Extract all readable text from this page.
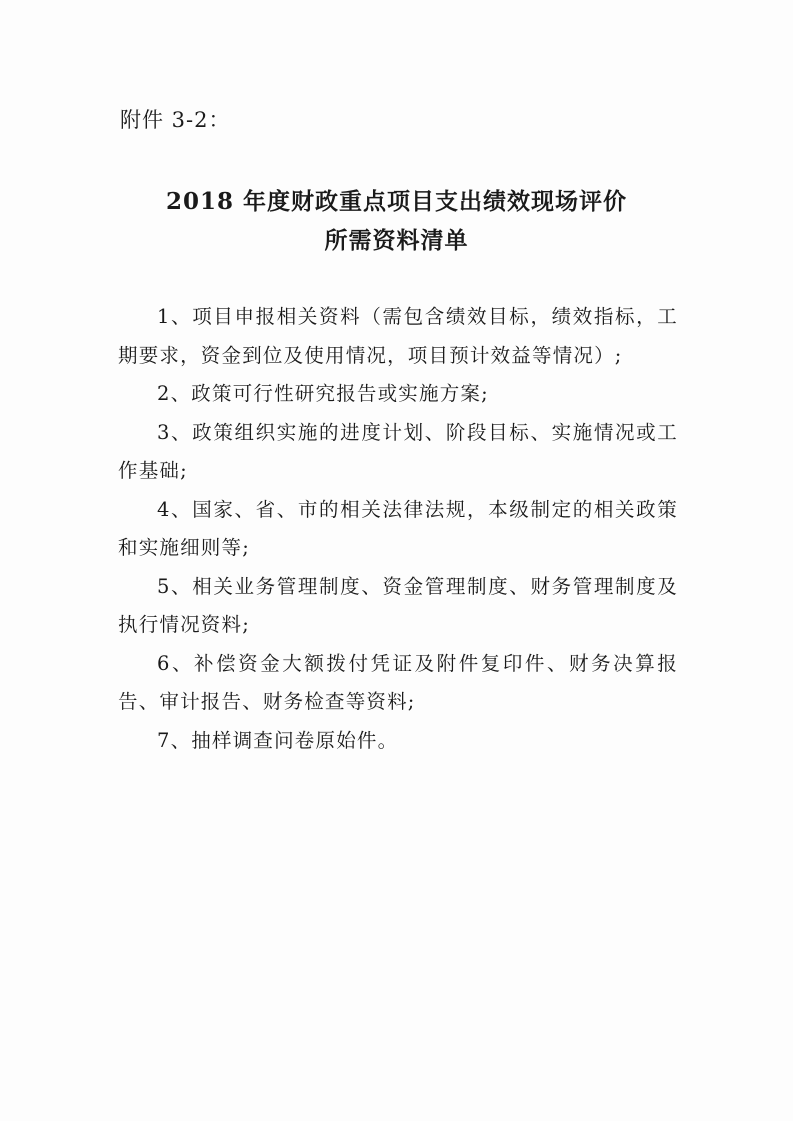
附件 3-2：
2018 年度财政重点项目支出绩效现场评价
所需资料清单
1、项目申报相关资料（需包含绩效目标，绩效指标，工期要求，资金到位及使用情况，项目预计效益等情况）;
2、政策可行性研究报告或实施方案;
3、政策组织实施的进度计划、阶段目标、实施情况或工作基础;
4、国家、省、市的相关法律法规，本级制定的相关政策和实施细则等;
5、相关业务管理制度、资金管理制度、财务管理制度及执行情况资料;
6、补偿资金大额拨付凭证及附件复印件、财务决算报告、审计报告、财务检查等资料;
7、抽样调查问卷原始件。
